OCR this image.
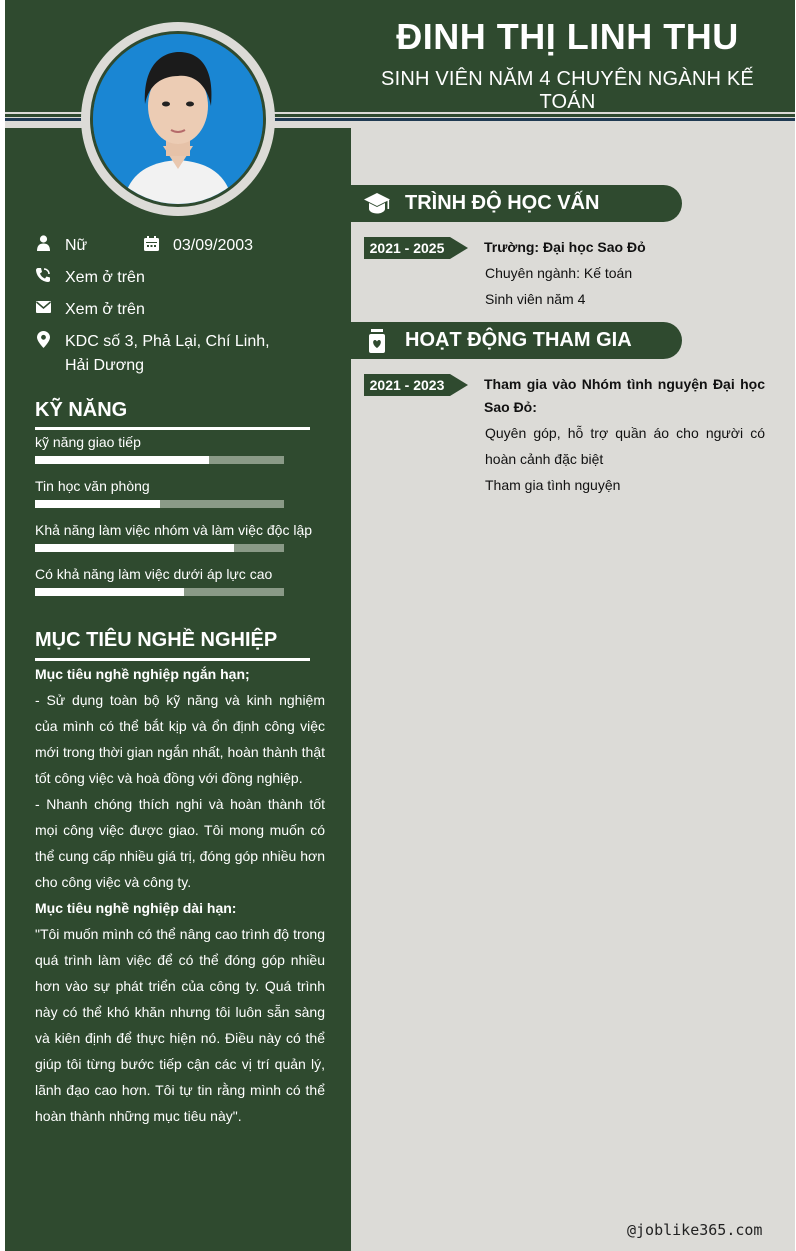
ĐINH THỊ LINH THU
SINH VIÊN NĂM 4 CHUYÊN NGÀNH KẾ TOÁN
Nữ	03/09/2003
Xem ở trên
Xem ở trên
KDC số 3, Phả Lại, Chí Linh, Hải Dương
KỸ NĂNG
kỹ năng giao tiếp
Tin học văn phòng
Khả năng làm việc nhóm và làm việc độc lập
Có khả năng làm việc dưới áp lực cao
MỤC TIÊU NGHỀ NGHIỆP

Mục tiêu nghề nghiệp ngắn hạn;

- Sử dụng toàn bộ kỹ năng và kinh nghiệm của mình có thể bắt kịp và ổn định công việc mới trong thời gian ngắn nhất, hoàn thành thật tốt công việc và hoà đồng với đồng nghiệp.

- Nhanh chóng thích nghi và hoàn thành tốt mọi công việc được giao. Tôi mong muốn có thể cung cấp nhiều giá trị, đóng góp nhiều hơn cho công việc và công ty.

Mục tiêu nghề nghiệp dài hạn:

"Tôi muốn mình có thể nâng cao trình độ trong quá trình làm việc để có thể đóng góp nhiều hơn vào sự phát triển của công ty. Quá trình này có thể khó khăn nhưng tôi luôn sẵn sàng và kiên định để thực hiện nó. Điều này có thể giúp tôi từng bước tiếp cận các vị trí quản lý, lãnh đạo cao hơn. Tôi tự tin rằng mình có thể hoàn thành những mục tiêu này".

TRÌNH ĐỘ HỌC VẤN
2021 - 2025	Trường: Đại học Sao Đỏ
Chuyên ngành: Kế toán
Sinh viên năm 4
HOẠT ĐỘNG THAM GIA
2021 - 2023	Tham gia vào Nhóm tình nguyện Đại học Sao Đỏ:
Quyên góp, hỗ trợ quần áo cho người có hoàn cảnh đặc biệt
Tham gia tình nguyện
@joblike365.com
